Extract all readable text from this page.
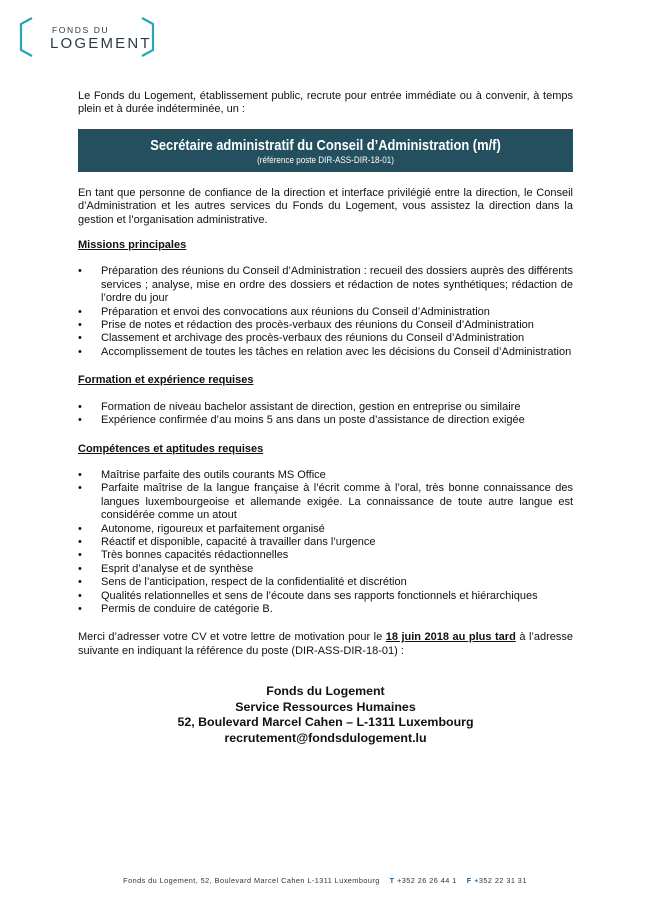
FONDS DU
LOGEMENT

Le Fonds du Logement, établissement public, recrute pour entrée immédiate ou à convenir, à temps plein et à durée indéterminée, un :

Secrétaire administratif du Conseil d’Administration (m/f)
(référence poste DIR-ASS-DIR-18-01)

En tant que personne de confiance de la direction et interface privilégié entre la direction, le Conseil d’Administration et les autres services du Fonds du Logement, vous assistez la direction dans la gestion et l’organisation administrative.

Missions principales
• Préparation des réunions du Conseil d’Administration : recueil des dossiers auprès des différents services ; analyse, mise en ordre des dossiers et rédaction de notes synthétiques; rédaction de l’ordre du jour
• Préparation et envoi des convocations aux réunions du Conseil d’Administration
• Prise de notes et rédaction des procès-verbaux des réunions du Conseil d’Administration
• Classement et archivage des procès-verbaux des réunions du Conseil d’Administration
• Accomplissement de toutes les tâches en relation avec les décisions du Conseil d’Administration
Formation et expérience requises
• Formation de niveau bachelor assistant de direction, gestion en entreprise ou similaire
• Expérience confirmée d’au moins 5 ans dans un poste d’assistance de direction exigée
Compétences et aptitudes requises
• Maîtrise parfaite des outils courants MS Office
• Parfaite maîtrise de la langue française à l’écrit comme à l’oral, très bonne connaissance des langues luxembourgeoise et allemande exigée. La connaissance de toute autre langue est considérée comme un atout
• Autonome, rigoureux et parfaitement organisé
• Réactif et disponible, capacité à travailler dans l’urgence
• Très bonnes capacités rédactionnelles
• Esprit d’analyse et de synthèse
• Sens de l’anticipation, respect de la confidentialité et discrétion
• Qualités relationnelles et sens de l’écoute dans ses rapports fonctionnels et hiérarchiques
• Permis de conduire de catégorie B.

Merci d’adresser votre CV et votre lettre de motivation pour le 18 juin 2018 au plus tard à l’adresse suivante en indiquant la référence du poste (DIR-ASS-DIR-18-01) :

Fonds du Logement
Service Ressources Humaines
52, Boulevard Marcel Cahen – L-1311 Luxembourg
recrutement@fondsdulogement.lu
Fonds du Logement, 52, Boulevard Marcel Cahen L-1311 Luxembourg T +352 26 26 44 1 F +352 22 31 31
